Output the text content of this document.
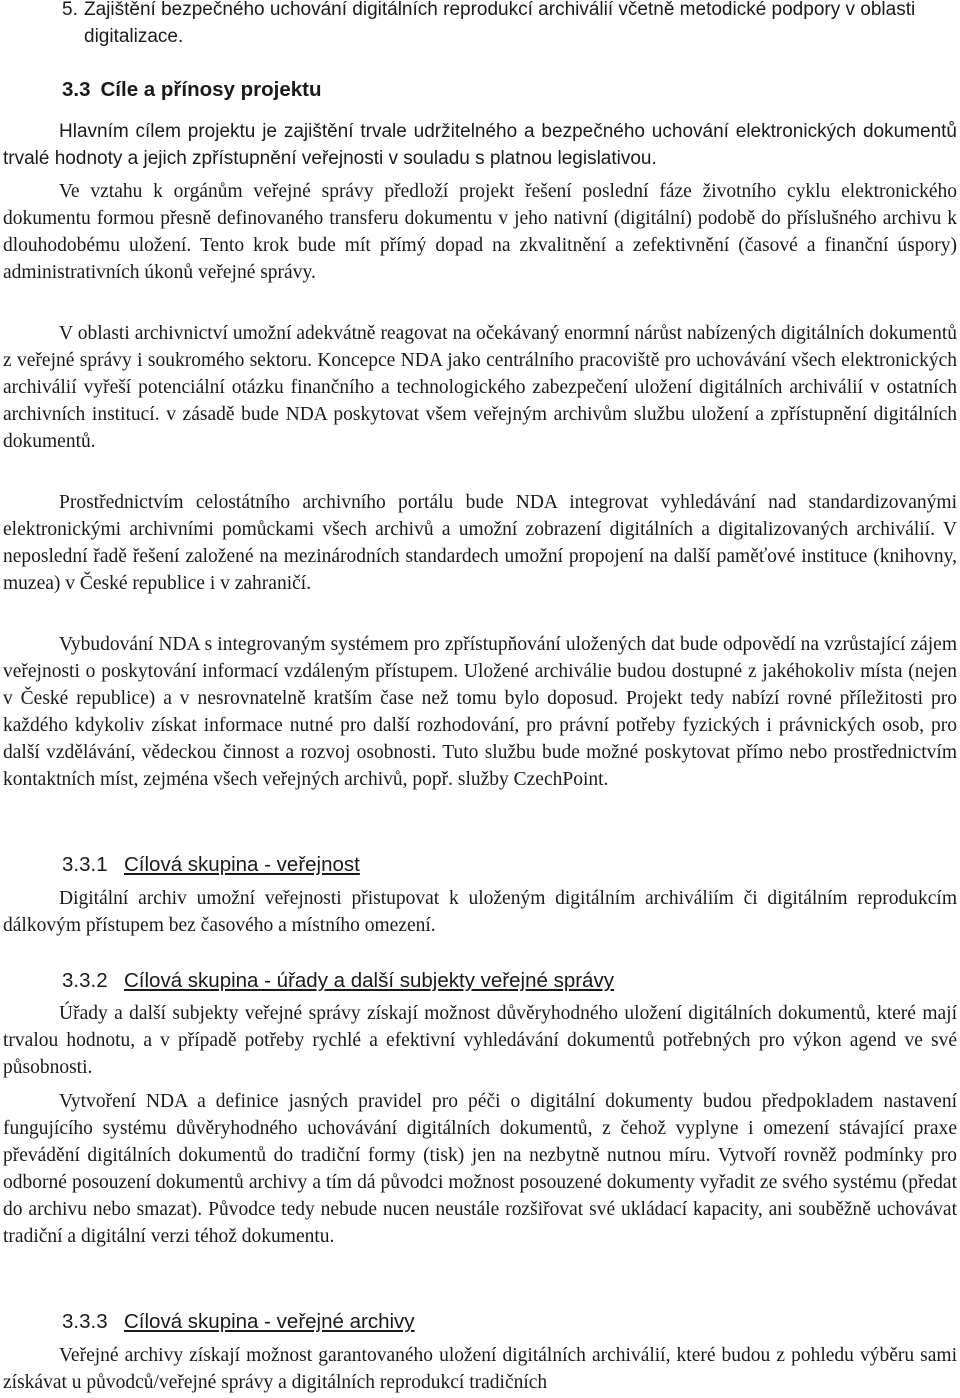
5. Zajištění bezpečného uchování digitálních reprodukcí archiválií včetně metodické podpory v oblasti digitalizace.
3.3 Cíle a přínosy projektu

Hlavním cílem projektu je zajištění trvale udržitelného a bezpečného uchování elektronických dokumentů trvalé hodnoty a jejich zpřístupnění veřejnosti v souladu s platnou legislativou.

Ve vztahu k orgánům veřejné správy předloží projekt řešení poslední fáze životního cyklu elektronického dokumentu formou přesně definovaného transferu dokumentu v jeho nativní (digitální) podobě do příslušného archivu k dlouhodobému uložení. Tento krok bude mít přímý dopad na zkvalitnění a zefektivnění (časové a finanční úspory) administrativních úkonů veřejné správy.

V oblasti archivnictví umožní adekvátně reagovat na očekávaný enormní nárůst nabízených digitálních dokumentů z veřejné správy i soukromého sektoru. Koncepce NDA jako centrálního pracoviště pro uchovávání všech elektronických archiválií vyřeší potenciální otázku finančního a technologického zabezpečení uložení digitálních archiválií v ostatních archivních institucí. v zásadě bude NDA poskytovat všem veřejným archivům službu uložení a zpřístupnění digitálních dokumentů.

Prostřednictvím celostátního archivního portálu bude NDA integrovat vyhledávání nad standardizovanými elektronickými archivními pomůckami všech archivů a umožní zobrazení digitálních a digitalizovaných archiválií. V neposlední řadě řešení založené na mezinárodních standardech umožní propojení na další paměťové instituce (knihovny, muzea) v České republice i v zahraničí.

Vybudování NDA s integrovaným systémem pro zpřístupňování uložených dat bude odpovědí na vzrůstající zájem veřejnosti o poskytování informací vzdáleným přístupem. Uložené archiválie budou dostupné z jakéhokoliv místa (nejen v České republice) a v nesrovnatelně kratším čase než tomu bylo doposud. Projekt tedy nabízí rovné příležitosti pro každého kdykoliv získat informace nutné pro další rozhodování, pro právní potřeby fyzických i právnických osob, pro další vzdělávání, vědeckou činnost a rozvoj osobnosti. Tuto službu bude možné poskytovat přímo nebo prostřednictvím kontaktních míst, zejména všech veřejných archivů, popř. služby CzechPoint.

3.3.1 Cílová skupina - veřejnost

Digitální archiv umožní veřejnosti přistupovat k uloženým digitálním archiváliím či digitálním reprodukcím dálkovým přístupem bez časového a místního omezení.

3.3.2 Cílová skupina - úřady a další subjekty veřejné správy

Úřady a další subjekty veřejné správy získají možnost důvěryhodného uložení digitálních dokumentů, které mají trvalou hodnotu, a v případě potřeby rychlé a efektivní vyhledávání dokumentů potřebných pro výkon agend ve své působnosti.

Vytvoření NDA a definice jasných pravidel pro péči o digitální dokumenty budou předpokladem nastavení fungujícího systému důvěryhodného uchovávání digitálních dokumentů, z čehož vyplyne i omezení stávající praxe převádění digitálních dokumentů do tradiční formy (tisk) jen na nezbytně nutnou míru. Vytvoří rovněž podmínky pro odborné posouzení dokumentů archivy a tím dá původci možnost posouzené dokumenty vyřadit ze svého systému (předat do archivu nebo smazat). Původce tedy nebude nucen neustále rozšiřovat své ukládací kapacity, ani souběžně uchovávat tradiční a digitální verzi téhož dokumentu.

3.3.3 Cílová skupina - veřejné archivy

Veřejné archivy získají možnost garantovaného uložení digitálních archiválií, které budou z pohledu výběru sami získávat u původců/veřejné správy a digitálních reprodukcí tradičních
